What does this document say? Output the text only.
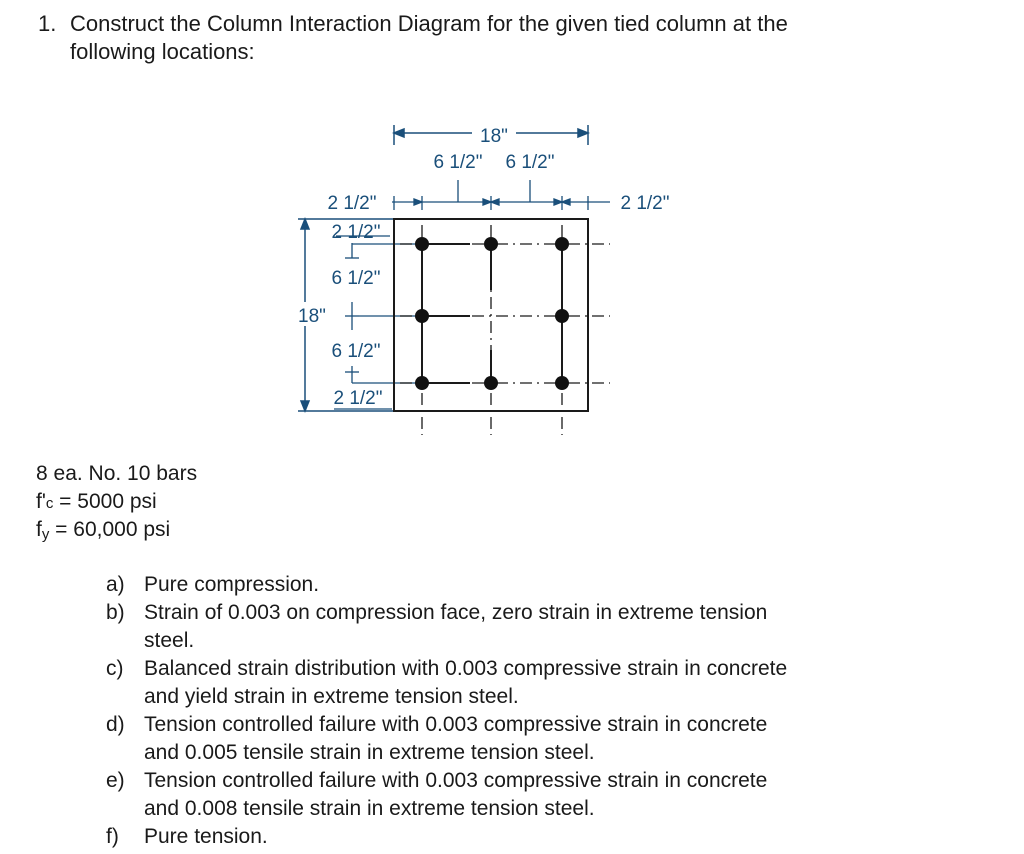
1. Construct the Column Interaction Diagram for the given tied column at the
following locations:
18"
6 1/2" 6 1/2"
2 1/2"	2 1/2"
18"
2 1/2"
6 1/2"
6 1/2"
2 1/2"
8 ea. No. 10 bars
f'c = 5000 psi
fy = 60,000 psi
a) Pure compression.
b) Strain of 0.003 on compression face, zero strain in extreme tension
steel.
c) Balanced strain distribution with 0.003 compressive strain in concrete
and yield strain in extreme tension steel.
d) Tension controlled failure with 0.003 compressive strain in concrete
and 0.005 tensile strain in extreme tension steel.
e) Tension controlled failure with 0.003 compressive strain in concrete
and 0.008 tensile strain in extreme tension steel.
f) Pure tension.
